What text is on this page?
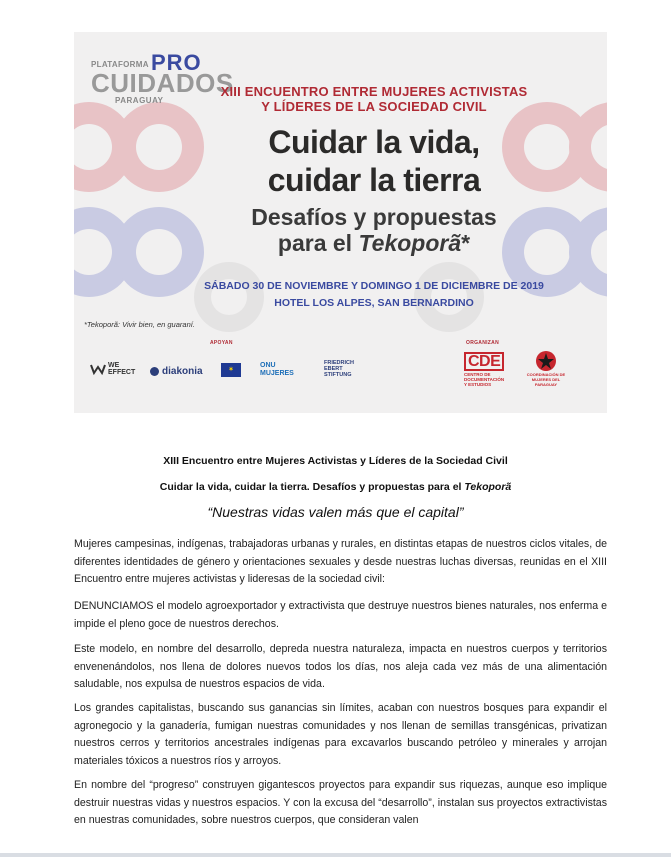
PLATAFORMA PRO
CUIDADOS
PARAGUAY
XIII ENCUENTRO ENTRE MUJERES ACTIVISTAS
Y LÍDERES DE LA SOCIEDAD CIVIL
Cuidar la vida,
cuidar la tierra
Desafíos y propuestas
para el Tekoporã*
SÁBADO 30 DE NOVIEMBRE Y DOMINGO 1 DE DICIEMBRE DE 2019
HOTEL LOS ALPES, SAN BERNARDINO
*Tekoporã: Vivir bien, en guaraní.
APOYAN	ORGANIZAN
WE EFFECT	diakonia	✶
ONU MUJERES
FRIEDRICH EBERT STIFTUNG
CDE
CENTRO DE DOCUMENTACIÓN Y ESTUDIOS
COORDINACIÓN DE MUJERES DEL PARAGUAY
XIII Encuentro entre Mujeres Activistas y Líderes de la Sociedad Civil
Cuidar la vida, cuidar la tierra. Desafíos y propuestas para el Tekoporã
“Nuestras vidas valen más que el capital”
Mujeres campesinas, indígenas, trabajadoras urbanas y rurales, en distintas etapas de nuestros ciclos vitales, de diferentes identidades de género y orientaciones sexuales y desde nuestras luchas diversas, reunidas en el XIII Encuentro entre mujeres activistas y lideresas de la sociedad civil:
DENUNCIAMOS el modelo agroexportador y extractivista que destruye nuestros bienes naturales, nos enferma e impide el pleno goce de nuestros derechos.
Este modelo, en nombre del desarrollo, depreda nuestra naturaleza, impacta en nuestros cuerpos y territorios envenenándolos, nos llena de dolores nuevos todos los días, nos aleja cada vez más de una alimentación saludable, nos expulsa de nuestros espacios de vida.
Los grandes capitalistas, buscando sus ganancias sin límites, acaban con nuestros bosques para expandir el agronegocio y la ganadería, fumigan nuestras comunidades y nos llenan de semillas transgénicas, privatizan nuestros cerros y territorios ancestrales indígenas para excavarlos buscando petróleo y minerales y arrojan materiales tóxicos a nuestros ríos y arroyos.
En nombre del “progreso” construyen gigantescos proyectos para expandir sus riquezas, aunque eso implique destruir nuestras vidas y nuestros espacios. Y con la excusa del “desarrollo”, instalan sus proyectos extractivistas en nuestras comunidades, sobre nuestros cuerpos, que consideran valen
